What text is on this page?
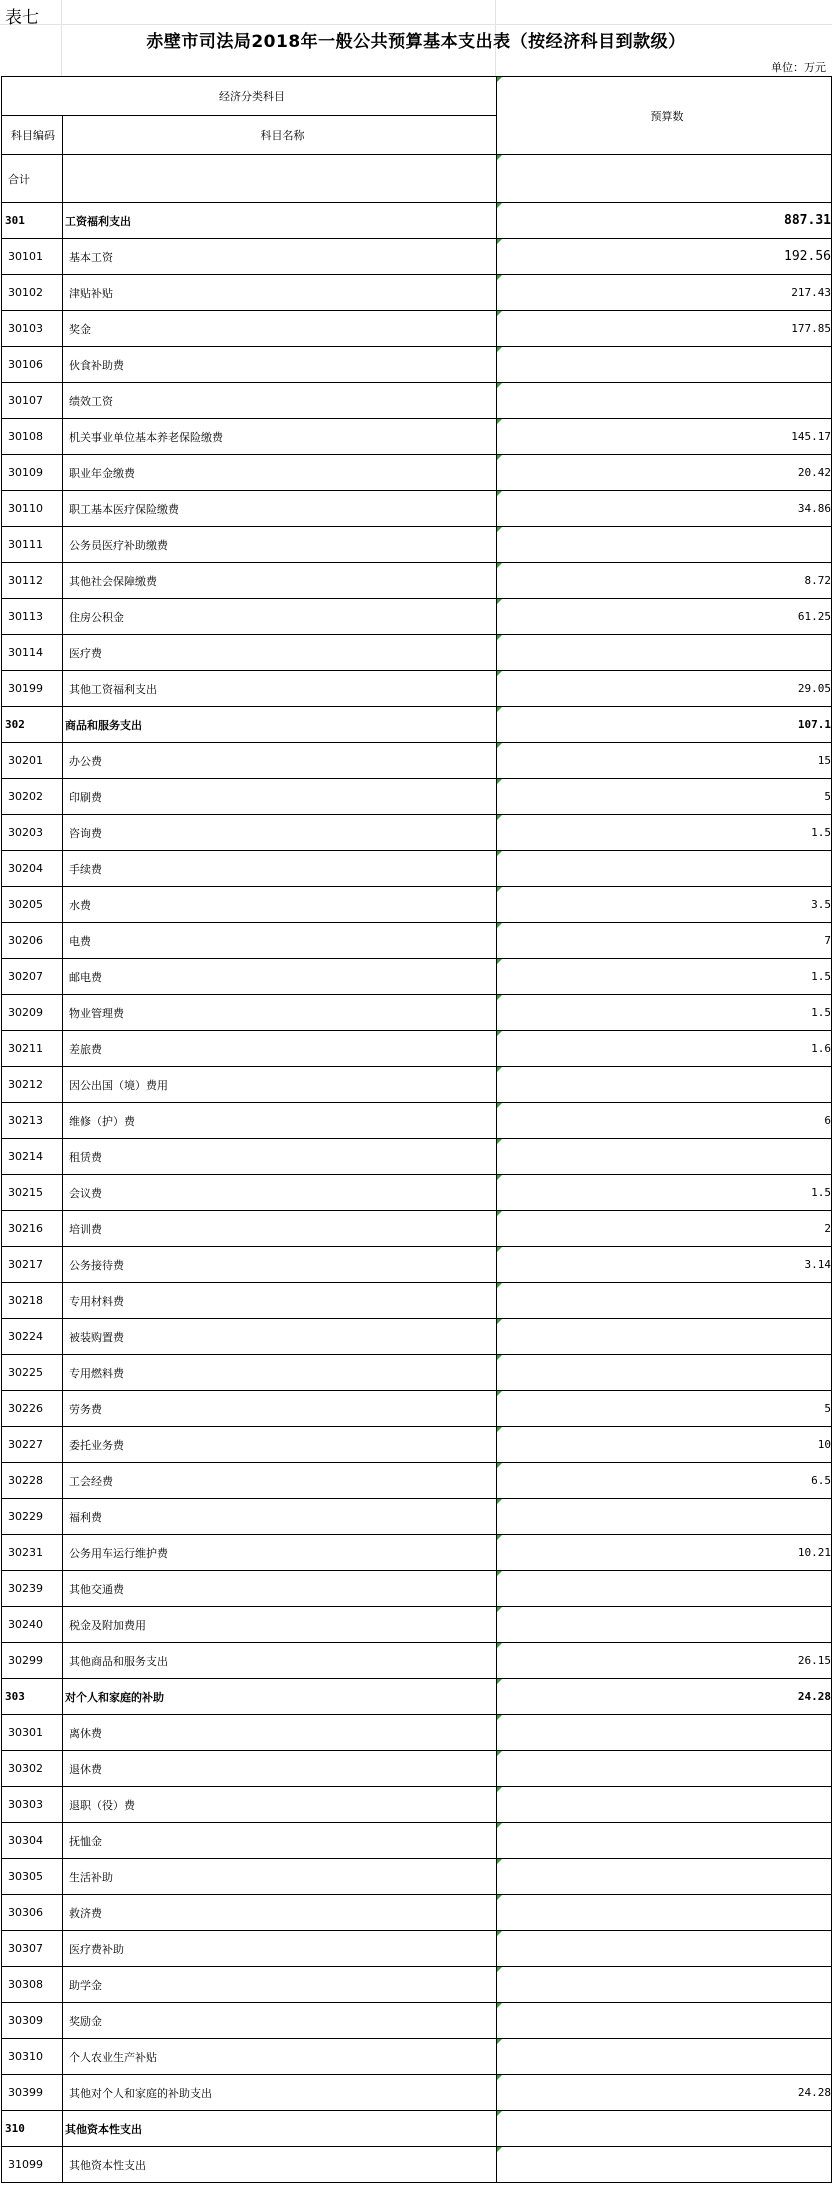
表七
赤壁市司法局2018年一般公共预算基本支出表（按经济科目到款级）
单位：万元
经济分类科目		预算数
科目编码	科目名称	
合计		
301	工资福利支出	887.31
30101	基本工资	192.56
30102	津贴补贴	217.43
30103	奖金	177.85
30106	伙食补助费	
30107	绩效工资	
30108	机关事业单位基本养老保险缴费	145.17
30109	职业年金缴费	20.42
30110	职工基本医疗保险缴费	34.86
30111	公务员医疗补助缴费	
30112	其他社会保障缴费	8.72
30113	住房公积金	61.25
30114	医疗费	
30199	其他工资福利支出	29.05
302	商品和服务支出	107.1
30201	办公费	15
30202	印刷费	5
30203	咨询费	1.5
30204	手续费	
30205	水费	3.5
30206	电费	7
30207	邮电费	1.5
30209	物业管理费	1.5
30211	差旅费	1.6
30212	因公出国（境）费用	
30213	维修（护）费	6
30214	租赁费	
30215	会议费	1.5
30216	培训费	2
30217	公务接待费	3.14
30218	专用材料费	
30224	被装购置费	
30225	专用燃料费	
30226	劳务费	5
30227	委托业务费	10
30228	工会经费	6.5
30229	福利费	
30231	公务用车运行维护费	10.21
30239	其他交通费	
30240	税金及附加费用	
30299	其他商品和服务支出	26.15
303	对个人和家庭的补助	24.28
30301	离休费	
30302	退休费	
30303	退职（役）费	
30304	抚恤金	
30305	生活补助	
30306	救济费	
30307	医疗费补助	
30308	助学金	
30309	奖励金	
30310	个人农业生产补贴	
30399	其他对个人和家庭的补助支出	24.28
310	其他资本性支出	
31099	其他资本性支出	
